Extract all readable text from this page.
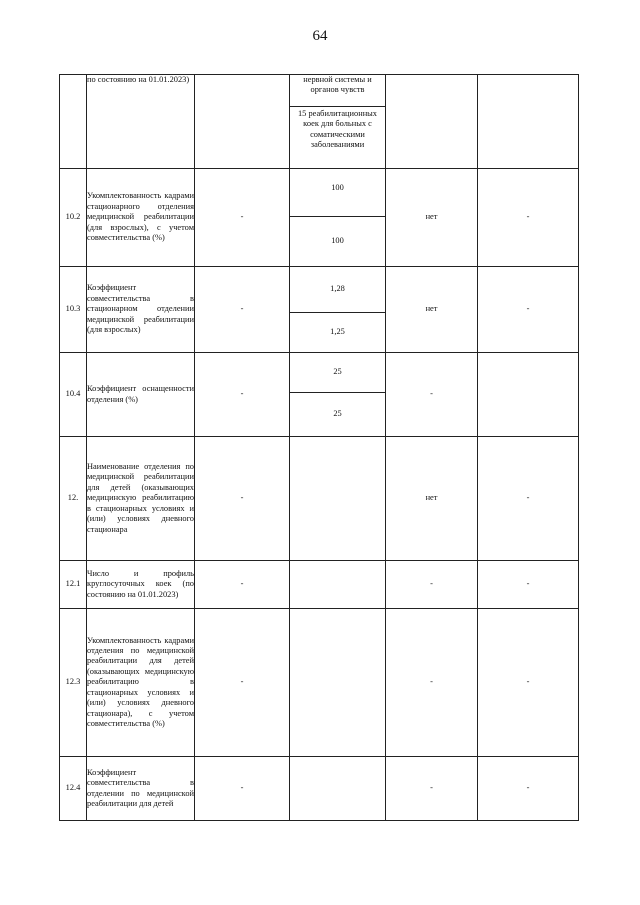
64
	по состоянию на 01.01.2023)		нервной системы и органов чувств		
			15 реабилитационных коек для больных с соматическими заболеваниями		
10.2	Укомплектованность кадрами стационарного отделения медицинской реабилитации (для взрослых), с учетом совместительства (%)	-	100	нет	-
			100		
10.3	Коэффициент совместительства в стационарном отделении медицинской реабилитации (для взрослых)	-	1,28	нет	-
			1,25		
10.4	Коэффициент оснащенности отделения (%)	-	25	-	
			25		
12.	Наименование отделения по медицинской реабилитации для детей (оказывающих медицинскую реабилитацию в стационарных условиях и (или) условиях дневного стационара	-		нет	-
12.1	Число и профиль круглосуточных коек (по состоянию на 01.01.2023)	-		-	-
12.3	Укомплектованность кадрами отделения по медицинской реабилитации для детей (оказывающих медицинскую реабилитацию в стационарных условиях и (или) условиях дневного стационара), с учетом совместительства (%)	-		-	-
12.4	Коэффициент совместительства в отделении по медицинской реабилитации для детей	-		-	-
